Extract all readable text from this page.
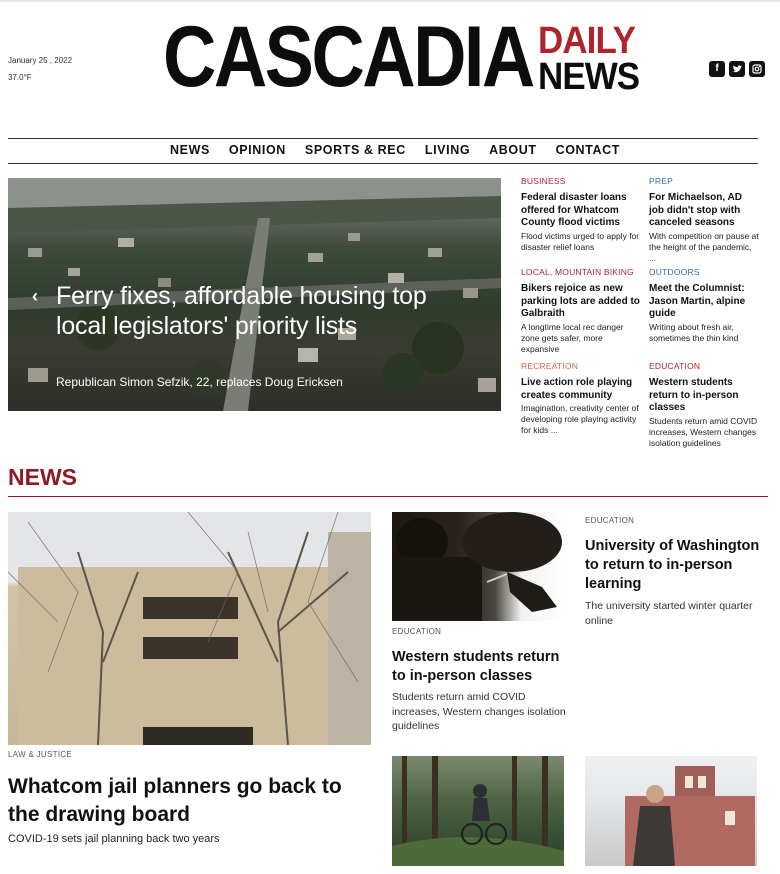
January 25 , 2022
37.0°F CASCADIA DAILY
NEWS	f
NEWS OPINION SPORTS & REC LIVING ABOUT CONTACT
‹ Ferry fixes, affordable housing top local legislators' priority lists
Republican Simon Sefzik, 22, replaces Doug Ericksen
BUSINESS
Federal disaster loans offered for Whatcom County flood victims
Flood victims urged to apply for disaster relief loans
PREP
For Michaelson, AD job didn't stop with canceled seasons
With competition on pause at the height of the pandemic, ...
LOCAL, MOUNTAIN BIKING
Bikers rejoice as new parking lots are added to Galbraith
A longtime local rec danger zone gets safer, more expansive
OUTDOORS
Meet the Columnist: Jason Martin, alpine guide
Writing about fresh air, sometimes the thin kind
RECREATION
Live action role playing creates community
Imagination, creativity center of developing role playing activity for kids ...
EDUCATION
Western students return to in-person classes
Students return amid COVID increases, Western changes isolation guidelines
NEWS
LAW & JUSTICE
Whatcom jail planners go back to the drawing board
COVID-19 sets jail planning back two years
EDUCATION
Western students return to in-person classes
Students return amid COVID increases, Western changes isolation guidelines
EDUCATION
University of Washington to return to in-person learning
The university started winter quarter online
